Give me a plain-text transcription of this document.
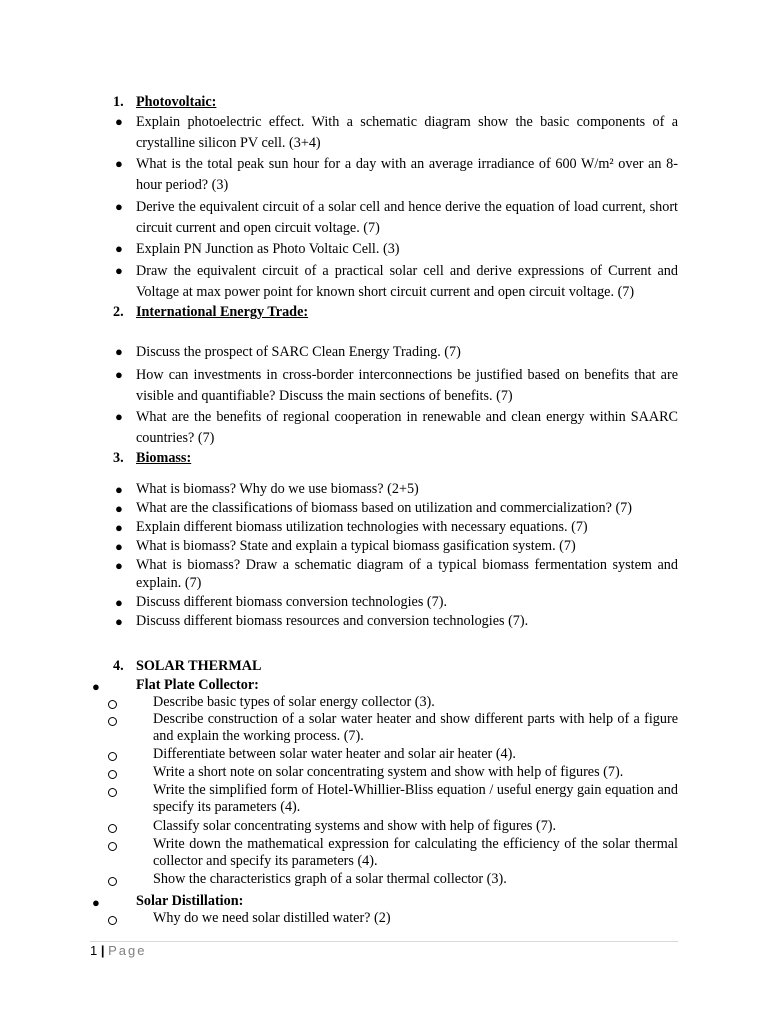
1. Photovoltaic:
● Explain photoelectric effect. With a schematic diagram show the basic components of a crystalline silicon PV cell. (3+4)
● What is the total peak sun hour for a day with an average irradiance of 600 W/m² over an 8-hour period? (3)
● Derive the equivalent circuit of a solar cell and hence derive the equation of load current, short circuit current and open circuit voltage. (7)
● Explain PN Junction as Photo Voltaic Cell. (3)
● Draw the equivalent circuit of a practical solar cell and derive expressions of Current and Voltage at max power point for known short circuit current and open circuit voltage. (7)
2. International Energy Trade:
● Discuss the prospect of SARC Clean Energy Trading. (7)
● How can investments in cross-border interconnections be justified based on benefits that are visible and quantifiable? Discuss the main sections of benefits. (7)
● What are the benefits of regional cooperation in renewable and clean energy within SAARC countries? (7)
3. Biomass:
● What is biomass? Why do we use biomass? (2+5)
● What are the classifications of biomass based on utilization and commercialization? (7)
● Explain different biomass utilization technologies with necessary equations. (7)
● What is biomass? State and explain a typical biomass gasification system. (7)
● What is biomass? Draw a schematic diagram of a typical biomass fermentation system and explain. (7)
● Discuss different biomass conversion technologies (7).
● Discuss different biomass resources and conversion technologies (7).
4. SOLAR THERMAL
●	Flat Plate Collector:
Describe basic types of solar energy collector (3).
Describe construction of a solar water heater and show different parts with help of a figure and explain the working process. (7).
Differentiate between solar water heater and solar air heater (4).
Write a short note on solar concentrating system and show with help of figures (7).
Write the simplified form of Hotel-Whillier-Bliss equation / useful energy gain equation and specify its parameters (4).
Classify solar concentrating systems and show with help of figures (7).
Write down the mathematical expression for calculating the efficiency of the solar thermal collector and specify its parameters (4).
Show the characteristics graph of a solar thermal collector (3).
●	Solar Distillation:
Why do we need solar distilled water? (2)
1 | Page
